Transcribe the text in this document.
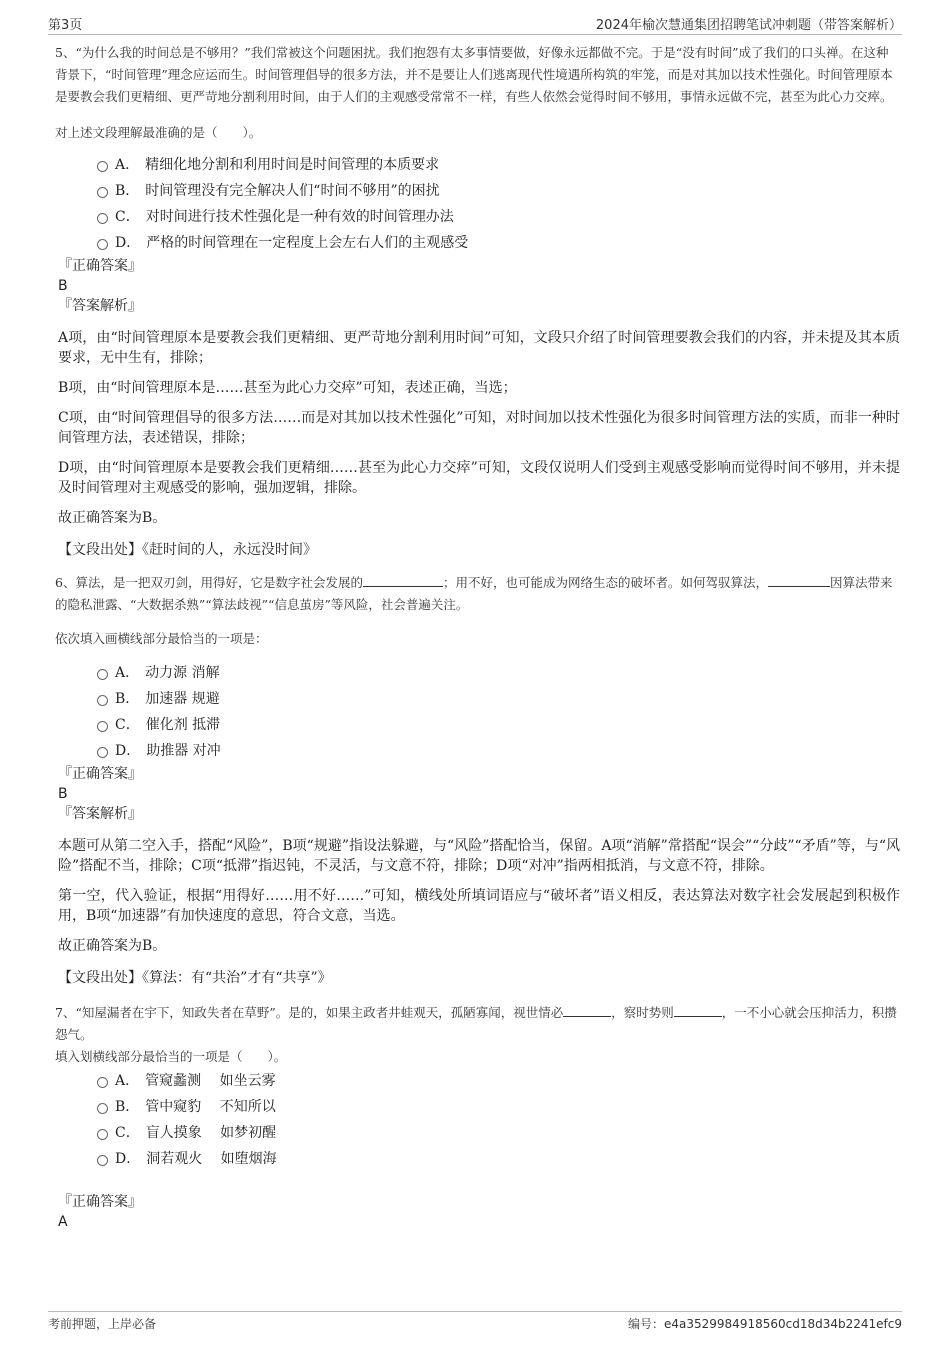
第3页	2024年榆次慧通集团招聘笔试冲刺题（带答案解析）

5、“为什么我的时间总是不够用？”我们常被这个问题困扰。我们抱怨有太多事情要做，好像永远都做不完。于是“没有时间”成了我们的口头禅。在这种背景下，“时间管理”理念应运而生。时间管理倡导的很多方法，并不是要让人们逃离现代性境遇所构筑的牢笼，而是对其加以技术性强化。时间管理原本是要教会我们更精细、更严苛地分割利用时间，由于人们的主观感受常常不一样，有些人依然会觉得时间不够用，事情永远做不完，甚至为此心力交瘁。

对上述文段理解最准确的是（　　）。

A． 精细化地分割和利用时间是时间管理的本质要求
B． 时间管理没有完全解决人们“时间不够用”的困扰
C． 对时间进行技术性强化是一种有效的时间管理办法
D． 严格的时间管理在一定程度上会左右人们的主观感受

『正确答案』

B

『答案解析』

A项，由“时间管理原本是要教会我们更精细、更严苛地分割利用时间”可知，文段只介绍了时间管理要教会我们的内容，并未提及其本质要求，无中生有，排除；

B项，由“时间管理原本是……甚至为此心力交瘁”可知，表述正确，当选；

C项，由“时间管理倡导的很多方法……而是对其加以技术性强化”可知，对时间加以技术性强化为很多时间管理方法的实质，而非一种时间管理方法，表述错误，排除；

D项，由“时间管理原本是要教会我们更精细……甚至为此心力交瘁”可知，文段仅说明人们受到主观感受影响而觉得时间不够用，并未提及时间管理对主观感受的影响，强加逻辑，排除。

故正确答案为B。

【文段出处】《赶时间的人，永远没时间》

6、算法，是一把双刃剑，用得好，它是数字社会发展的	；用不好，也可能成为网络生态的破坏者。如何驾驭算法，	因算法带来的隐私泄露、“大数据杀熟”“算法歧视”“信息茧房”等风险，社会普遍关注。

依次填入画横线部分最恰当的一项是：

A． 动力源 消解
B． 加速器 规避
C． 催化剂 抵滞
D． 助推器 对冲

『正确答案』

B

『答案解析』

本题可从第二空入手，搭配“风险”，B项“规避”指设法躲避，与“风险”搭配恰当，保留。A项“消解”常搭配“误会”“分歧”“矛盾”等，与“风险”搭配不当，排除；C项“抵滞”指迟钝，不灵活，与文意不符，排除；D项“对冲”指两相抵消，与文意不符，排除。

第一空，代入验证，根据“用得好……用不好……”可知，横线处所填词语应与“破坏者”语义相反，表达算法对数字社会发展起到积极作用，B项“加速器”有加快速度的意思，符合文意，当选。

故正确答案为B。

【文段出处】《算法：有“共治”才有“共享”》

7、“知屋漏者在宇下，知政失者在草野”。是的，如果主政者井蛙观天，孤陋寡闻，视世情必	，察时势则	，一不小心就会压抑活力，积攒怨气。

填入划横线部分最恰当的一项是（　　）。

A． 管窥蠡测　 如坐云雾
B． 管中窥豹　 不知所以
C． 盲人摸象　 如梦初醒
D． 洞若观火　 如堕烟海

『正确答案』

A

考前押题，上岸必备	编号：e4a3529984918560cd18d34b2241efc9
